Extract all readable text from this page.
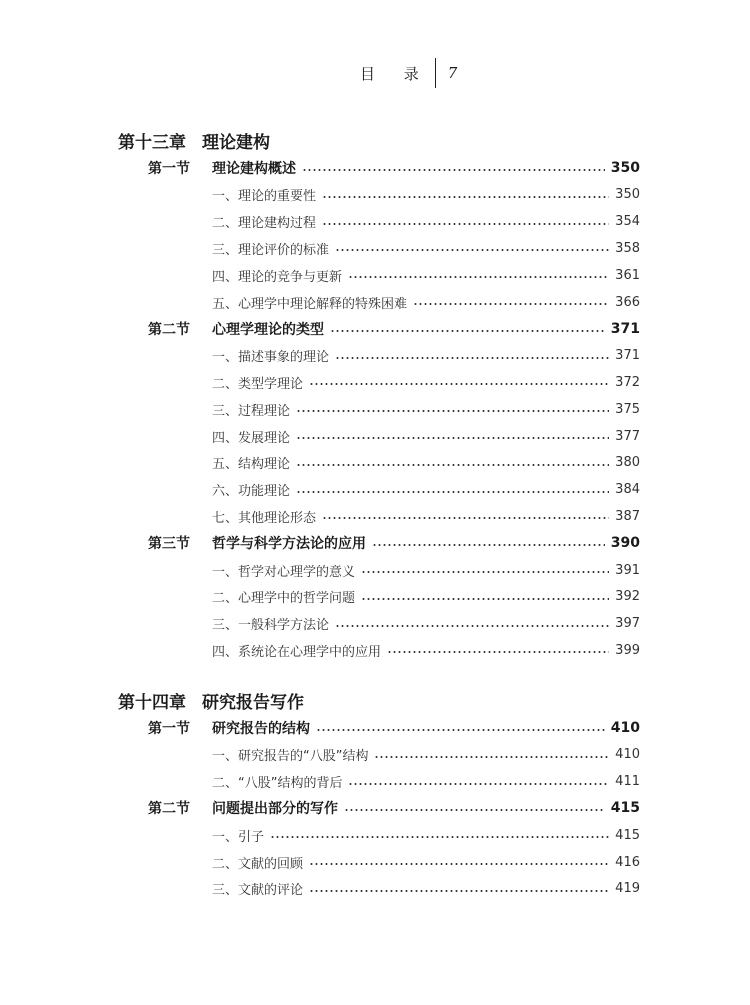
目 录 7
第十三章 理论建构
第一节 理论建构概述	350
一、理论的重要性	350
二、理论建构过程	354
三、理论评价的标准	358
四、理论的竞争与更新	361
五、心理学中理论解释的特殊困难	366
第二节 心理学理论的类型	371
一、描述事象的理论	371
二、类型学理论	372
三、过程理论	375
四、发展理论	377
五、结构理论	380
六、功能理论	384
七、其他理论形态	387
第三节 哲学与科学方法论的应用	390
一、哲学对心理学的意义	391
二、心理学中的哲学问题	392
三、一般科学方法论	397
四、系统论在心理学中的应用	399
第十四章 研究报告写作
第一节 研究报告的结构	410
一、研究报告的“八股”结构	410
二、“八股”结构的背后	411
第二节 问题提出部分的写作	415
一、引子	415
二、文献的回顾	416
三、文献的评论	419
